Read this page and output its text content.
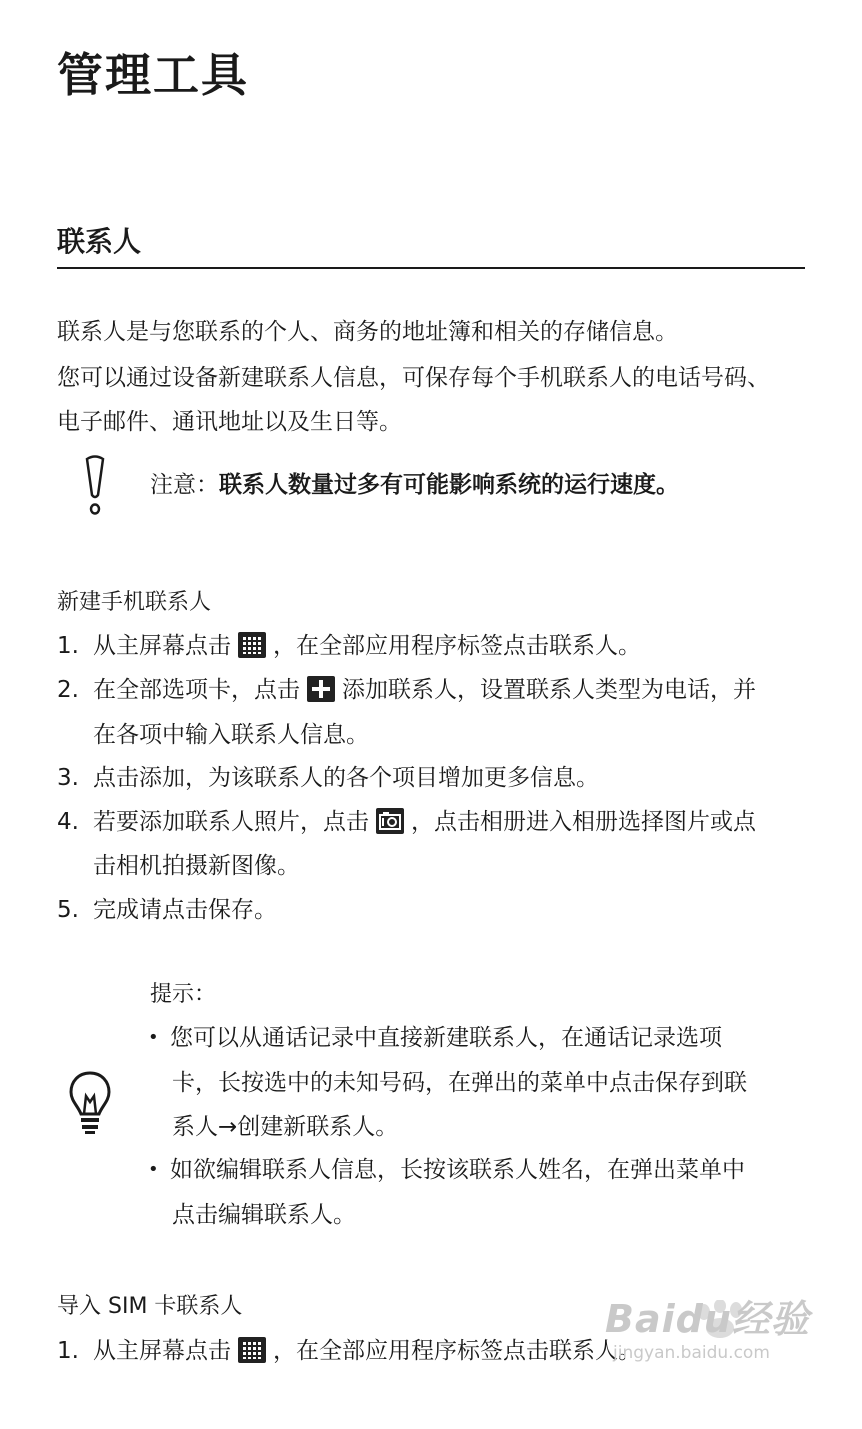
管理工具
联系人
联系人是与您联系的个人、商务的地址簿和相关的存储信息。
您可以通过设备新建联系人信息，可保存每个手机联系人的电话号码、
电子邮件、通讯地址以及生日等。
注意：联系人数量过多有可能影响系统的运行速度。
新建手机联系人
1. 从主屏幕点击 ，在全部应用程序标签点击联系人。
2. 在全部选项卡，点击 添加联系人，设置联系人类型为电话，并
在各项中输入联系人信息。
3. 点击添加，为该联系人的各个项目增加更多信息。
4. 若要添加联系人照片，点击 ，点击相册进入相册选择图片或点
击相机拍摄新图像。
5. 完成请点击保存。
提示：
• 您可以从通话记录中直接新建联系人，在通话记录选项
卡，长按选中的未知号码，在弹出的菜单中点击保存到联
系人→创建新联系人。
• 如欲编辑联系人信息，长按该联系人姓名，在弹出菜单中
点击编辑联系人。
导入 SIM 卡联系人
1. 从主屏幕点击 ，在全部应用程序标签点击联系人。
Baidu经验
jingyan.baidu.com
